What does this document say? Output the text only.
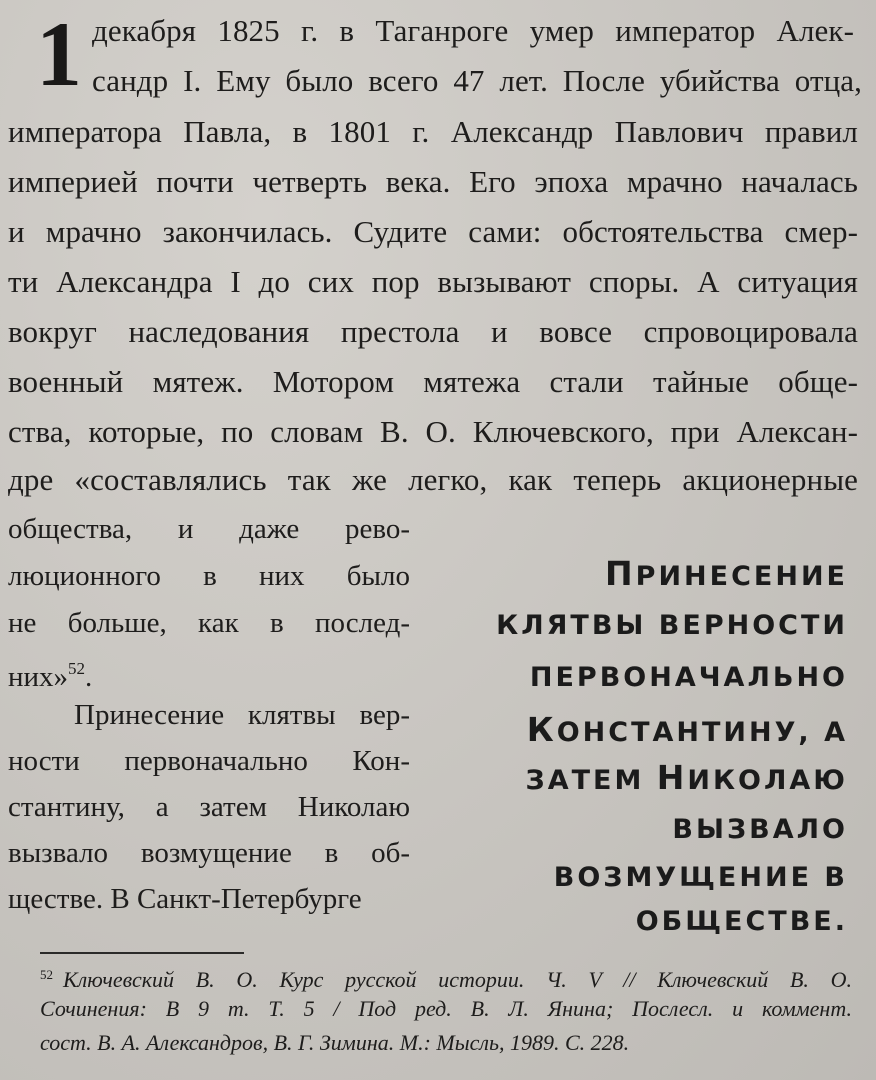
1 декабря 1825 г. в Таганроге умер император Алек-
сандр I. Ему было всего 47 лет. После убийства отца,
императора Павла, в 1801 г. Александр Павлович правил
империей почти четверть века. Его эпоха мрачно началась
и мрачно закончилась. Судите сами: обстоятельства смер-
ти Александра I до сих пор вызывают споры. А ситуация
вокруг наследования престола и вовсе спровоцировала
военный мятеж. Мотором мятежа стали тайные обще-
ства, которые, по словам В. О. Ключевского, при Алексан-
дре «составлялись так же легко, как теперь акционерные
общества, и даже рево-
люционного в них было
не больше, как в послед-
них»$^{52}$.
Принесение клятвы вер-
ности первоначально Кон-
стантину, а затем Николаю
вызвало возмущение в об-
ществе. В Санкт-Петербурге
ПРИНЕСЕНИЕ
КЛЯТВЫ ВЕРНОСТИ
ПЕРВОНАЧАЛЬНО
КОНСТАНТИНУ, А
ЗАТЕМ НИКОЛАЮ
ВЫЗВАЛО
ВОЗМУЩЕНИЕ В
ОБЩЕСТВЕ.
$^{52}$ Ключевский В. О. Курс русской истории. Ч. V // Ключевский В. О.
Сочинения: В 9 т. Т. 5 / Под ред. В. Л. Янина; Послесл. и коммент.
сост. В. А. Александров, В. Г. Зимина. М.: Мысль, 1989. С. 228.
